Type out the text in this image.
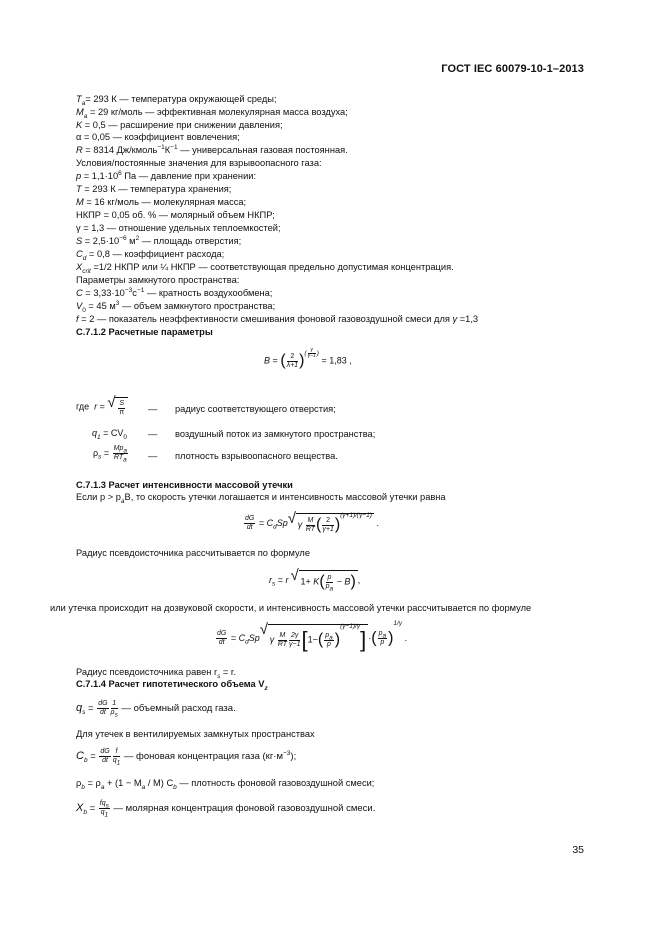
ГОСТ IEC 60079-10-1–2013
$T_a= 293$ К — температура окружающей среды;
$M_a = 29$ кг/моль — эффективная молекулярная масса воздуха;
K = 0,5 — расширение при снижении давления;
α = 0,05 — коэффициент вовлечения;
R = 8314 $Дж/кмоль^{-1}К^{-1}$ — универсальная газовая постоянная.
Условия/постоянные значения для взрывоопасного газа:
$p = 1,1\cdot 10^6$ Па — давление при хранении:
T = 293 К — температура хранения;
M = 16 кг/моль — молекулярная масса;
НКПР = 0,05 об. % — молярный объем НКПР;
γ = 1,3 — отношение удельных теплоемкостей;
$S = 2,5\cdot 10^{-6}$ $м^2$ — площадь отверстия;
$C_d = 0,8$ — коэффициент расхода;
$X_{crit} =1/2$ НКПР или ¼ НКПР — соответствующая предельно допустимая концентрация.
Параметры замкнутого пространства:
$C = 3,33\cdot 10^{-3}с^{-1}$ — кратность воздухообмена;
$V_0 = 45$ $м^3$ — объем замкнутого пространства;
f = 2 — показатель неэффективности смешивания фоновой газовоздушной смеси для γ =1,3
C.7.1.2 Расчетные параметры
B = ( $\frac{2}{\lambda+1} )^{( \frac{\gamma}{\gamma-1} )} = 1,83$ ,
где r =
√ $\frac{S}{\pi}$ — радиус соответствующего отверстия;
$q_1 = CV_0$ — воздушный поток из замкнутого пространства;
$\rho_s = \frac{Mp_a}{RT_a}$ — плотность взрывоопасного вещества.
C.7.1.3 Расчет интенсивности массовой утечки
Если $p > p_aB$, то скорость утечки логашается и интенсивность массовой утечки равна
$\frac{dG}{dt} = C_dSp√$ γ $\frac{M}{RT}$ ( $\frac{2}{\gamma+1} )^{(\gamma+1)/(\gamma-1)}$ .
Радиус псевдоисточника рассчитывается по формуле
$r_s = r√$ $1+ K( \frac{p}{p_a} - B)$ ,
или утечка происходит на дозвуковой скорости, и интенсивность массовой утечки рассчитывается по формуле
$\frac{dG}{dt} = C_dSp√$ γ $\frac{M}{RT} \frac{2\gamma}{\gamma-1} [1-( \frac{p_a}{p} )^{(\gamma-1)/\gamma}]$ ·( $\frac{p_a}{p} )^{1/\gamma}$ .
Радиус псевдоисточника равен $r_s = r$.
C.7.1.4 Расчет гипотетического объема $V_z$
$q_s = \frac{dG}{dt} \frac{1}{\rho_s}$ — объемный расход газа.
Для утечек в вентилируемых замкнутых пространствах
$C_b = \frac{dG}{dt} \frac{f}{q_1}$ — фоновая концентрация газа $(кг\cdot м^{-3})$;
$\rho_b = \rho_a + (1 - M_a / M)$ $C_b$ — плотность фоновой газовоздушной смеси;
$X_b = \frac{fq_s}{q_1}$ — молярная концентрация фоновой газовоздушной смеси.
35
